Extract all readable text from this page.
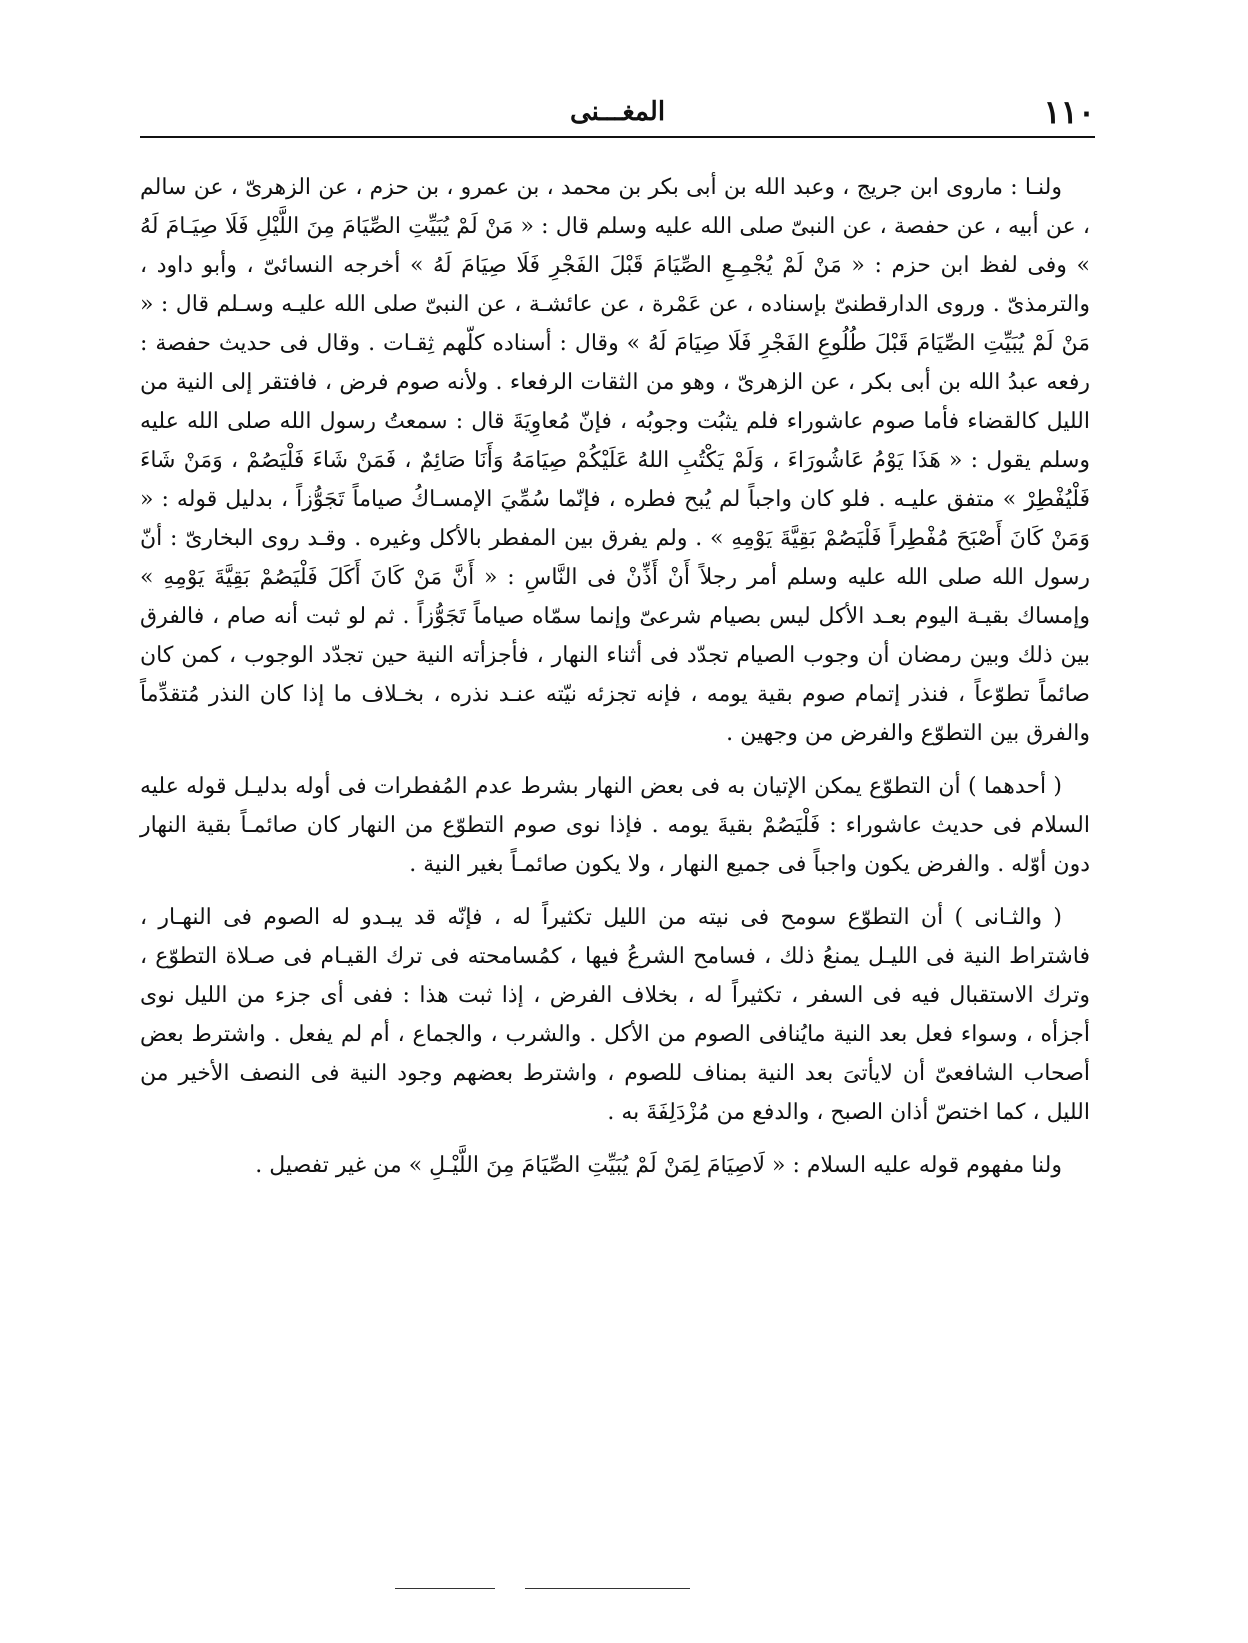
١١٠
المغـــنى

ولنـا : ماروى ابن جريج ، وعبد الله بن أبى بكر بن محمد ، بن عمرو ، بن حزم ، عن الزهرىّ ، عن سالم ، عن أبيه ، عن حفصة ، عن النبىّ صلى الله عليه وسلم قال : « مَنْ لَمْ يُبَيِّتِ الصِّيَامَ مِنَ اللَّيْلِ فَلَا صِيَـامَ لَهُ » وفى لفظ ابن حزم : « مَنْ لَمْ يُجْمِـعِ الصِّيَامَ قَبْلَ الفَجْرِ فَلَا صِيَامَ لَهُ » أخرجه النسائىّ ، وأبو داود ، والترمذىّ . وروى الدارقطنىّ بإسناده ، عن عَمْرة ، عن عائشـة ، عن النبىّ صلى الله عليـه وسـلم قال : « مَنْ لَمْ يُبَيِّتِ الصِّيَامَ قَبْلَ طُلُوعِ الفَجْرِ فَلَا صِيَامَ لَهُ » وقال : أسناده كلّهم ثِقـات . وقال فى حديث حفصة : رفعه عبدُ الله بن أبى بكر ، عن الزهرىّ ، وهو من الثقات الرفعاء . ولأنه صوم فرض ، فافتقر إلى النية من الليل كالقضاء فأما صوم عاشوراء فلم يثبُت وجوبُه ، فإنّ مُعاوِيَةَ قال : سمعتُ رسول الله صلى الله عليه وسلم يقول : « هَذَا يَوْمُ عَاشُورَاءَ ، وَلَمْ يَكْتُبِ اللهُ عَلَيْكُمْ صِيَامَهُ وَأَنَا صَائِمٌ ، فَمَنْ شَاءَ فَلْيَصُمْ ، وَمَنْ شَاءَ فَلْيُفْطِرْ » متفق عليـه . فلو كان واجباً لم يُبح فطره ، فإنّما سُمِّيَ الإمسـاكُ صياماً تَجَوُّزاً ، بدليل قوله : « وَمَنْ كَانَ أَصْبَحَ مُفْطِراً فَلْيَصُمْ بَقِيَّةَ يَوْمِهِ » . ولم يفرق بين المفطر بالأكل وغيره . وقـد روى البخارىّ : أنّ رسول الله صلى الله عليه وسلم أمر رجلاً أَنْ أَذِّنْ فى النَّاسِ : « أَنَّ مَنْ كَانَ أَكَلَ فَلْيَصُمْ بَقِيَّةَ يَوْمِهِ » وإمساك بقيـة اليوم بعـد الأكل ليس بصيام شرعىّ وإنما سمّاه صياماً تَجَوُّزاً . ثم لو ثبت أنه صام ، فالفرق بين ذلك وبين رمضان أن وجوب الصيام تجدّد فى أثناء النهار ، فأجزأته النية حين تجدّد الوجوب ، كمن كان صائماً تطوّعاً ، فنذر إتمام صوم بقية يومه ، فإنه تجزئه نيّته عنـد نذره ، بخـلاف ما إذا كان النذر مُتقدِّماً والفرق بين التطوّع والفرض من وجهين .

( أحدهما ) أن التطوّع يمكن الإتيان به فى بعض النهار بشرط عدم المُفطرات فى أوله بدليـل قوله عليه السلام فى حديث عاشوراء : فَلْيَصُمْ بقيةَ يومه . فإذا نوى صوم التطوّع من النهار كان صائمـاً بقية النهار دون أوّله . والفرض يكون واجباً فى جميع النهار ، ولا يكون صائمـاً بغير النية .

( والثـانى ) أن التطوّع سومح فى نيته من الليل تكثيراً له ، فإنّه قد يبـدو له الصوم فى النهـار ، فاشتراط النية فى الليـل يمنعُ ذلك ، فسامح الشرعُ فيها ، كمُسامحته فى ترك القيـام فى صـلاة التطوّع ، وترك الاستقبال فيه فى السفر ، تكثيراً له ، بخلاف الفرض ، إذا ثبت هذا : ففى أى جزء من الليل نوى أجزأه ، وسواء فعل بعد النية مايُنافى الصوم من الأكل . والشرب ، والجماع ، أم لم يفعل . واشترط بعض أصحاب الشافعىّ أن لايأتىَ بعد النية بمناف للصوم ، واشترط بعضهم وجود النية فى النصف الأخير من الليل ، كما اختصّ أذان الصبح ، والدفع من مُزْدَلِفَةَ به .

ولنا مفهوم قوله عليه السلام : « لَاصِيَامَ لِمَنْ لَمْ يُبَيِّتِ الصِّيَامَ مِنَ اللَّيْـلِ » من غير تفصيل .
